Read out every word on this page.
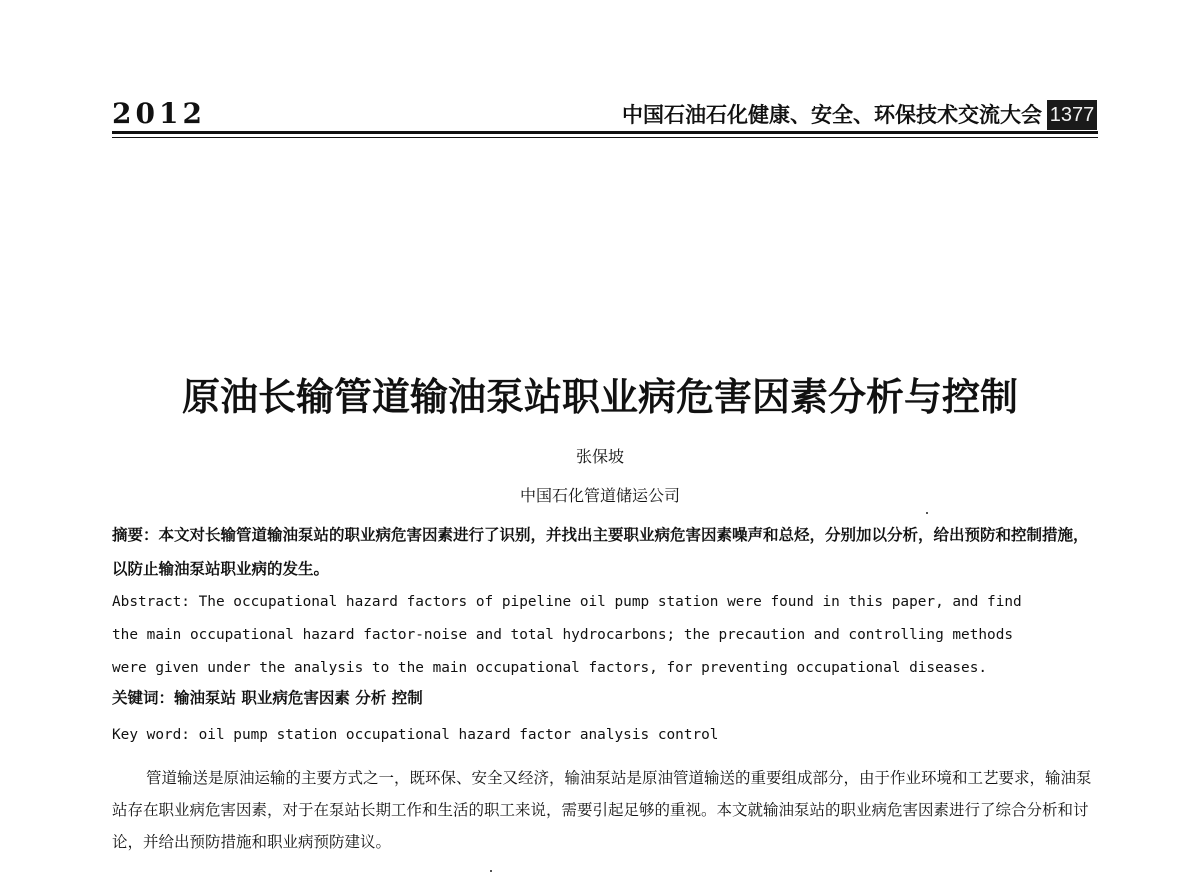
2012	中国石油石化健康、安全、环保技术交流大会 1377
原油长输管道输油泵站职业病危害因素分析与控制
张保坡
中国石化管道储运公司
摘要：本文对长输管道输油泵站的职业病危害因素进行了识别，并找出主要职业病危害因素噪声和总烃，分别加以分析，给出预防和控制措施，以防止输油泵站职业病的发生。
Abstract: The occupational hazard factors of pipeline oil pump station were found in this paper, and find
the main occupational hazard factor-noise and total hydrocarbons; the precaution and controlling methods
were given under the analysis to the main occupational factors, for preventing occupational diseases.
关键词：输油泵站 职业病危害因素 分析 控制
Key word: oil pump station occupational hazard factor analysis control
管道输送是原油运输的主要方式之一，既环保、安全又经济，输油泵站是原油管道输送的重要组成部分，由于作业环境和工艺要求，输油泵站存在职业病危害因素，对于在泵站长期工作和生活的职工来说，需要引起足够的重视。本文就输油泵站的职业病危害因素进行了综合分析和讨论，并给出预防措施和职业病预防建议。
